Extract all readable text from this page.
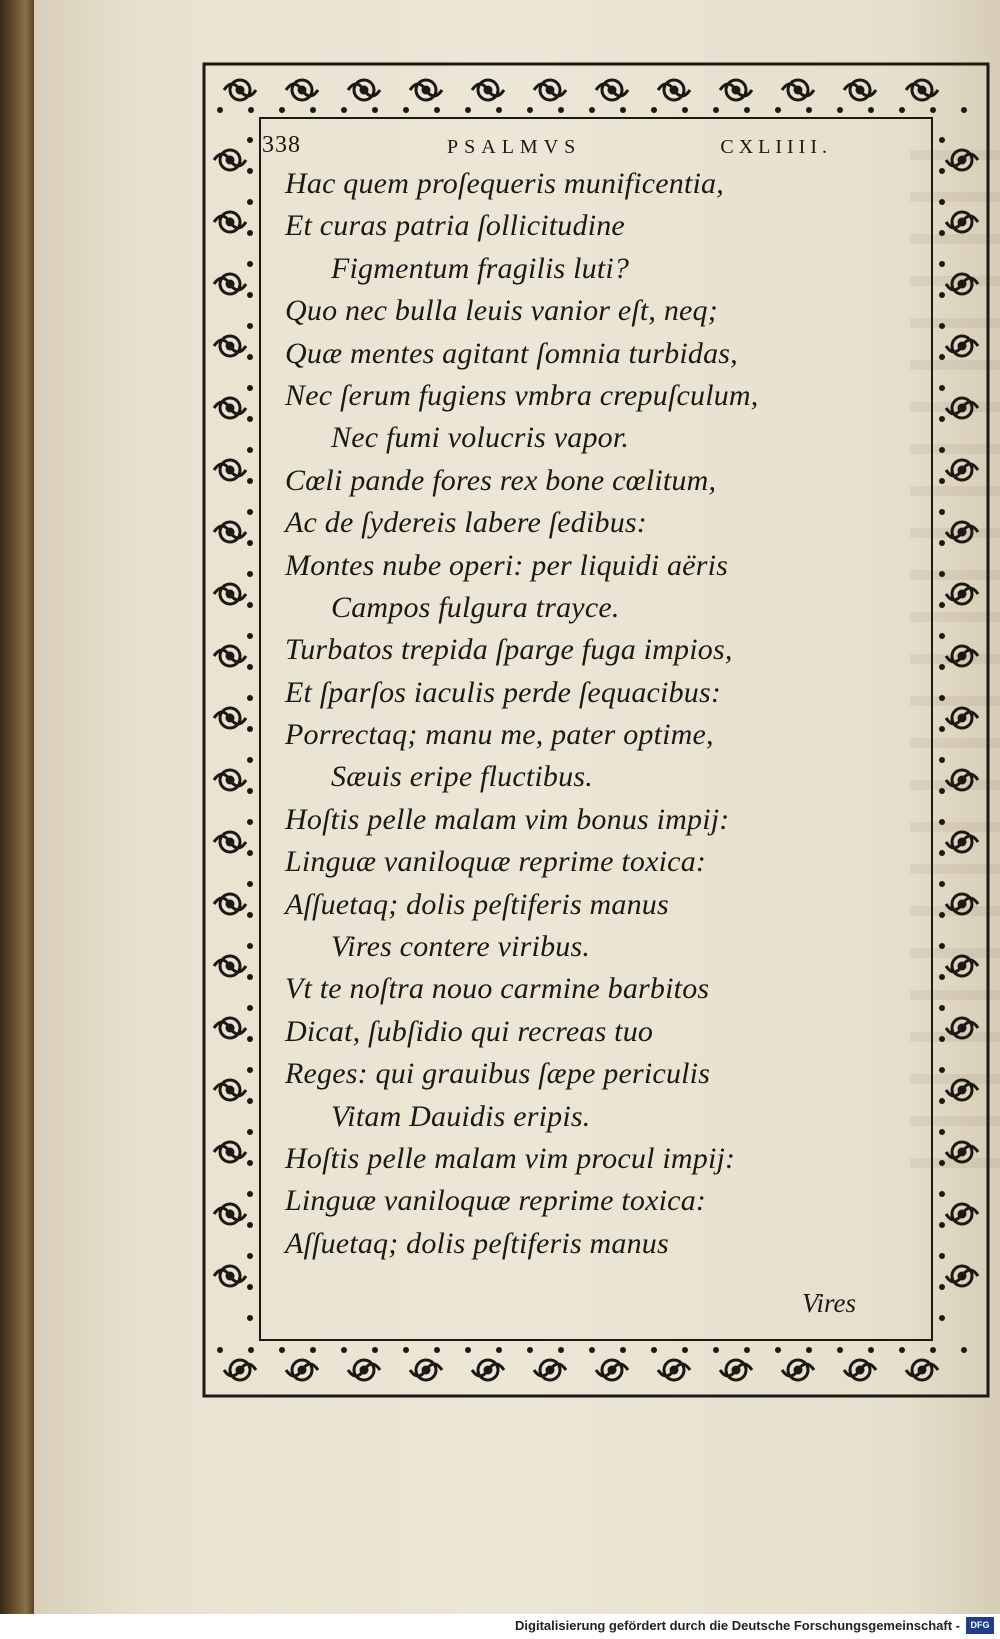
338	PSALMVS	CXLIIII.
Hac quem proſequeris munificentia,
Et curas patria ſollicitudine
Figmentum fragilis luti?
Quo nec bulla leuis vanior eſt, neq;
Quæ mentes agitant ſomnia turbidas,
Nec ſerum fugiens vmbra crepuſculum,
Nec fumi volucris vapor.
Cœli pande fores rex bone cœlitum,
Ac de ſydereis labere ſedibus:
Montes nube operi: per liquidi aëris
Campos fulgura trayce.
Turbatos trepida ſparge fuga impios,
Et ſparſos iaculis perde ſequacibus:
Porrectaq; manu me, pater optime,
Sæuis eripe fluctibus.
Hoſtis pelle malam vim bonus impij:
Linguæ vaniloquæ reprime toxica:
Aſſuetaq; dolis peſtiferis manus
Vires contere viribus.
Vt te noſtra nouo carmine barbitos
Dicat, ſubſidio qui recreas tuo
Reges: qui grauibus ſæpe periculis
Vitam Dauidis eripis.
Hoſtis pelle malam vim procul impij:
Linguæ vaniloquæ reprime toxica:
Aſſuetaq; dolis peſtiferis manus
Vires
Digitalisierung gefördert durch die Deutsche Forschungsgemeinschaft -	DFG
